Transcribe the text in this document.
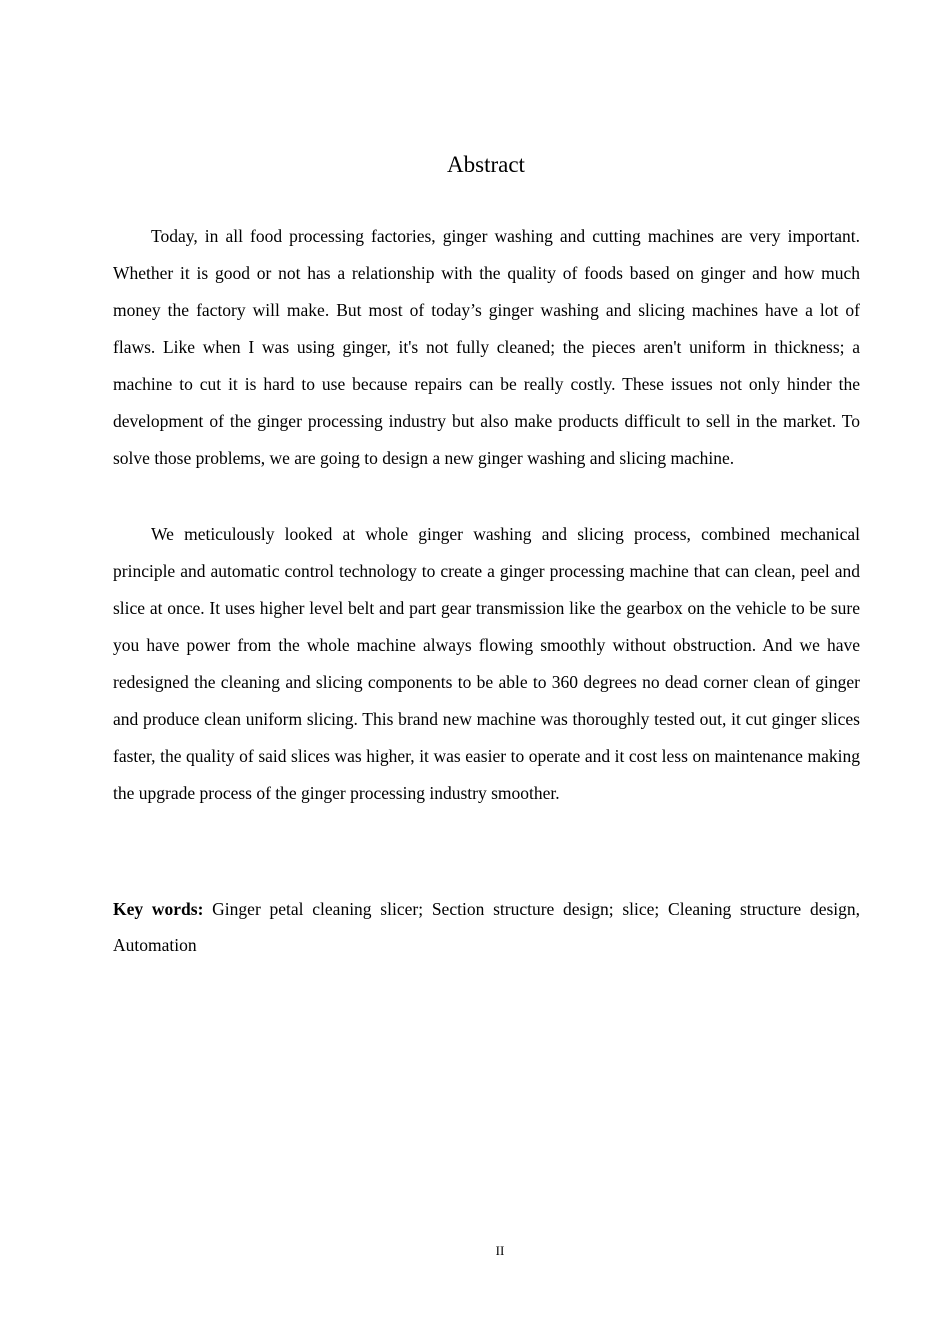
Abstract

Today, in all food processing factories, ginger washing and cutting machines are very important. Whether it is good or not has a relationship with the quality of foods based on ginger and how much money the factory will make. But most of today’s ginger washing and slicing machines have a lot of flaws. Like when I was using ginger, it's not fully cleaned; the pieces aren't uniform in thickness; a machine to cut it is hard to use because repairs can be really costly. These issues not only hinder the development of the ginger processing industry but also make products difficult to sell in the market. To solve those problems, we are going to design a new ginger washing and slicing machine.

We meticulously looked at whole ginger washing and slicing process, combined mechanical principle and automatic control technology to create a ginger processing machine that can clean, peel and slice at once. It uses higher level belt and part gear transmission like the gearbox on the vehicle to be sure you have power from the whole machine always flowing smoothly without obstruction. And we have redesigned the cleaning and slicing components to be able to 360 degrees no dead corner clean of ginger and produce clean uniform slicing. This brand new machine was thoroughly tested out, it cut ginger slices faster, the quality of said slices was higher, it was easier to operate and it cost less on maintenance making the upgrade process of the ginger processing industry smoother.

Key words: Ginger petal cleaning slicer; Section structure design; slice; Cleaning structure design, Automation
II
